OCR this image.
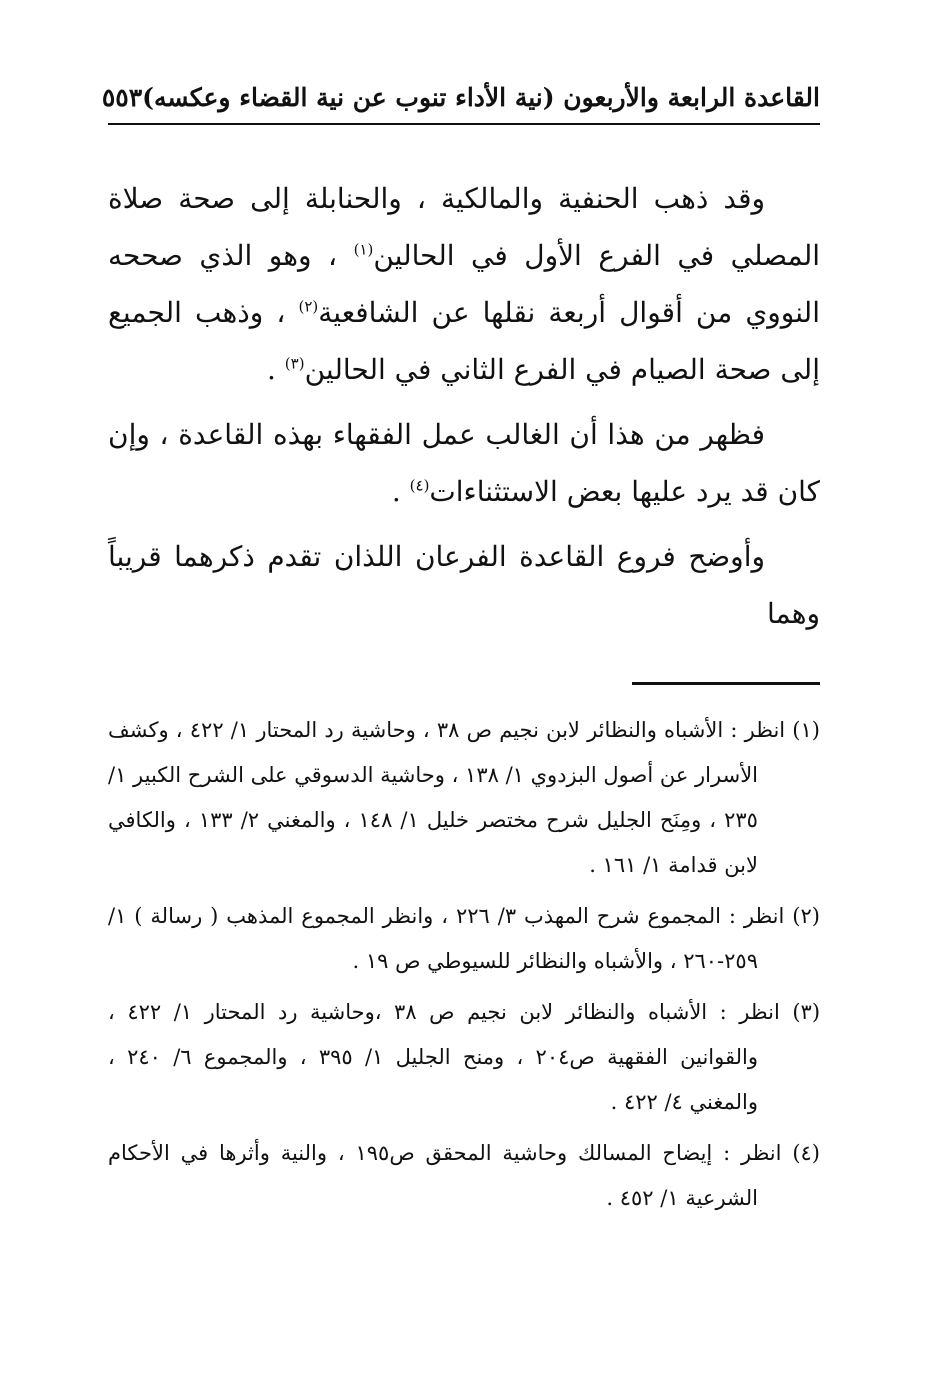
القاعدة الرابعة والأربعون (نية الأداء تنوب عن نية القضاء وعكسه)
٥٥٣

وقد ذهب الحنفية والمالكية ، والحنابلة إلى صحة صلاة المصلي في الفرع الأول في الحالين$^{(١)}$ ، وهو الذي صححه النووي من أقوال أربعة نقلها عن الشافعية$^{(٢)}$ ، وذهب الجميع إلى صحة الصيام في الفرع الثاني في الحالين$^{(٣)}$ .

فظهر من هذا أن الغالب عمل الفقهاء بهذه القاعدة ، وإن كان قد يرد عليها بعض الاستثناءات$^{(٤)}$ .

وأوضح فروع القاعدة الفرعان اللذان تقدم ذكرهما قريباً وهما

(١) انظر : الأشباه والنظائر لابن نجيم ص ٣٨ ، وحاشية رد المحتار ١/ ٤٢٢ ، وكشف الأسرار عن أصول البزدوي ١/ ١٣٨ ، وحاشية الدسوقي على الشرح الكبير ١/ ٢٣٥ ، ومِنَح الجليل شرح مختصر خليل ١/ ١٤٨ ، والمغني ٢/ ١٣٣ ، والكافي لابن قدامة ١/ ١٦١ .

(٢) انظر : المجموع شرح المهذب ٣/ ٢٢٦ ، وانظر المجموع المذهب ( رسالة ) ١/ ٢٥٩-٢٦٠ ، والأشباه والنظائر للسيوطي ص ١٩ .

(٣) انظر : الأشباه والنظائر لابن نجيم ص ٣٨ ،وحاشية رد المحتار ١/ ٤٢٢ ، والقوانين الفقهية ص٢٠٤ ، ومنح الجليل ١/ ٣٩٥ ، والمجموع ٦/ ٢٤٠ ، والمغني ٤/ ٤٢٢ .

(٤) انظر : إيضاح المسالك وحاشية المحقق ص١٩٥ ، والنية وأثرها في الأحكام الشرعية ١/ ٤٥٢ .
